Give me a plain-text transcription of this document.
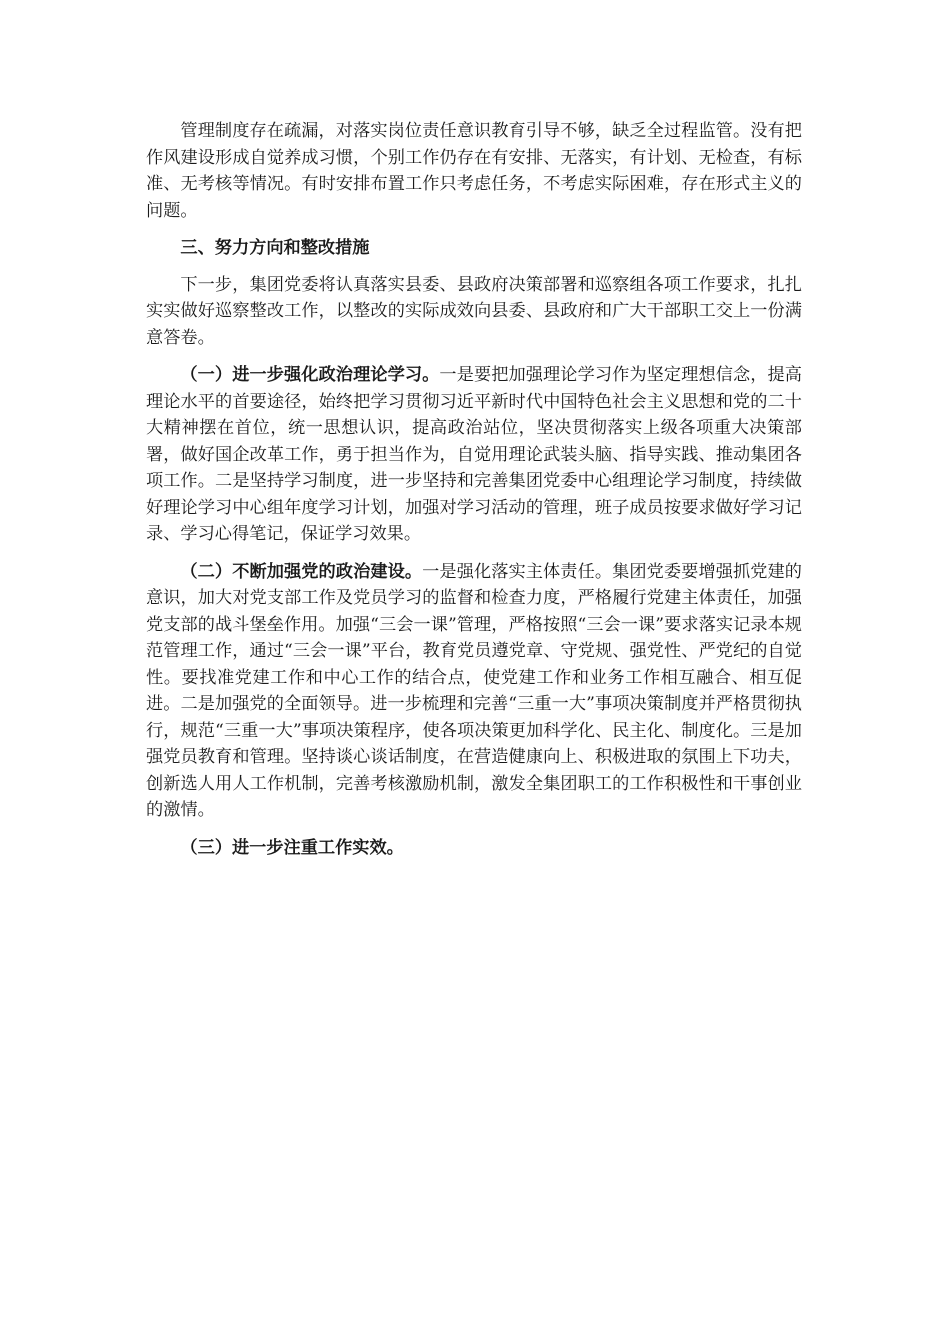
管理制度存在疏漏，对落实岗位责任意识教育引导不够，缺乏全过程监管。没有把作风建设形成自觉养成习惯，个别工作仍存在有安排、无落实，有计划、无检查，有标准、无考核等情况。有时安排布置工作只考虑任务，不考虑实际困难，存在形式主义的问题。

三、努力方向和整改措施

下一步，集团党委将认真落实县委、县政府决策部署和巡察组各项工作要求，扎扎实实做好巡察整改工作，以整改的实际成效向县委、县政府和广大干部职工交上一份满意答卷。

（一）进一步强化政治理论学习。一是要把加强理论学习作为坚定理想信念，提高理论水平的首要途径，始终把学习贯彻习近平新时代中国特色社会主义思想和党的二十大精神摆在首位，统一思想认识，提高政治站位，坚决贯彻落实上级各项重大决策部署，做好国企改革工作，勇于担当作为，自觉用理论武装头脑、指导实践、推动集团各项工作。二是坚持学习制度，进一步坚持和完善集团党委中心组理论学习制度，持续做好理论学习中心组年度学习计划，加强对学习活动的管理，班子成员按要求做好学习记录、学习心得笔记，保证学习效果。

（二）不断加强党的政治建设。一是强化落实主体责任。集团党委要增强抓党建的意识，加大对党支部工作及党员学习的监督和检查力度，严格履行党建主体责任，加强党支部的战斗堡垒作用。加强“三会一课”管理，严格按照“三会一课”要求落实记录本规范管理工作，通过“三会一课”平台，教育党员遵党章、守党规、强党性、严党纪的自觉性。要找准党建工作和中心工作的结合点，使党建工作和业务工作相互融合、相互促进。二是加强党的全面领导。进一步梳理和完善“三重一大”事项决策制度并严格贯彻执行，规范“三重一大”事项决策程序，使各项决策更加科学化、民主化、制度化。三是加强党员教育和管理。坚持谈心谈话制度，在营造健康向上、积极进取的氛围上下功夫，创新选人用人工作机制，完善考核激励机制，激发全集团职工的工作积极性和干事创业的激情。

（三）进一步注重工作实效。
